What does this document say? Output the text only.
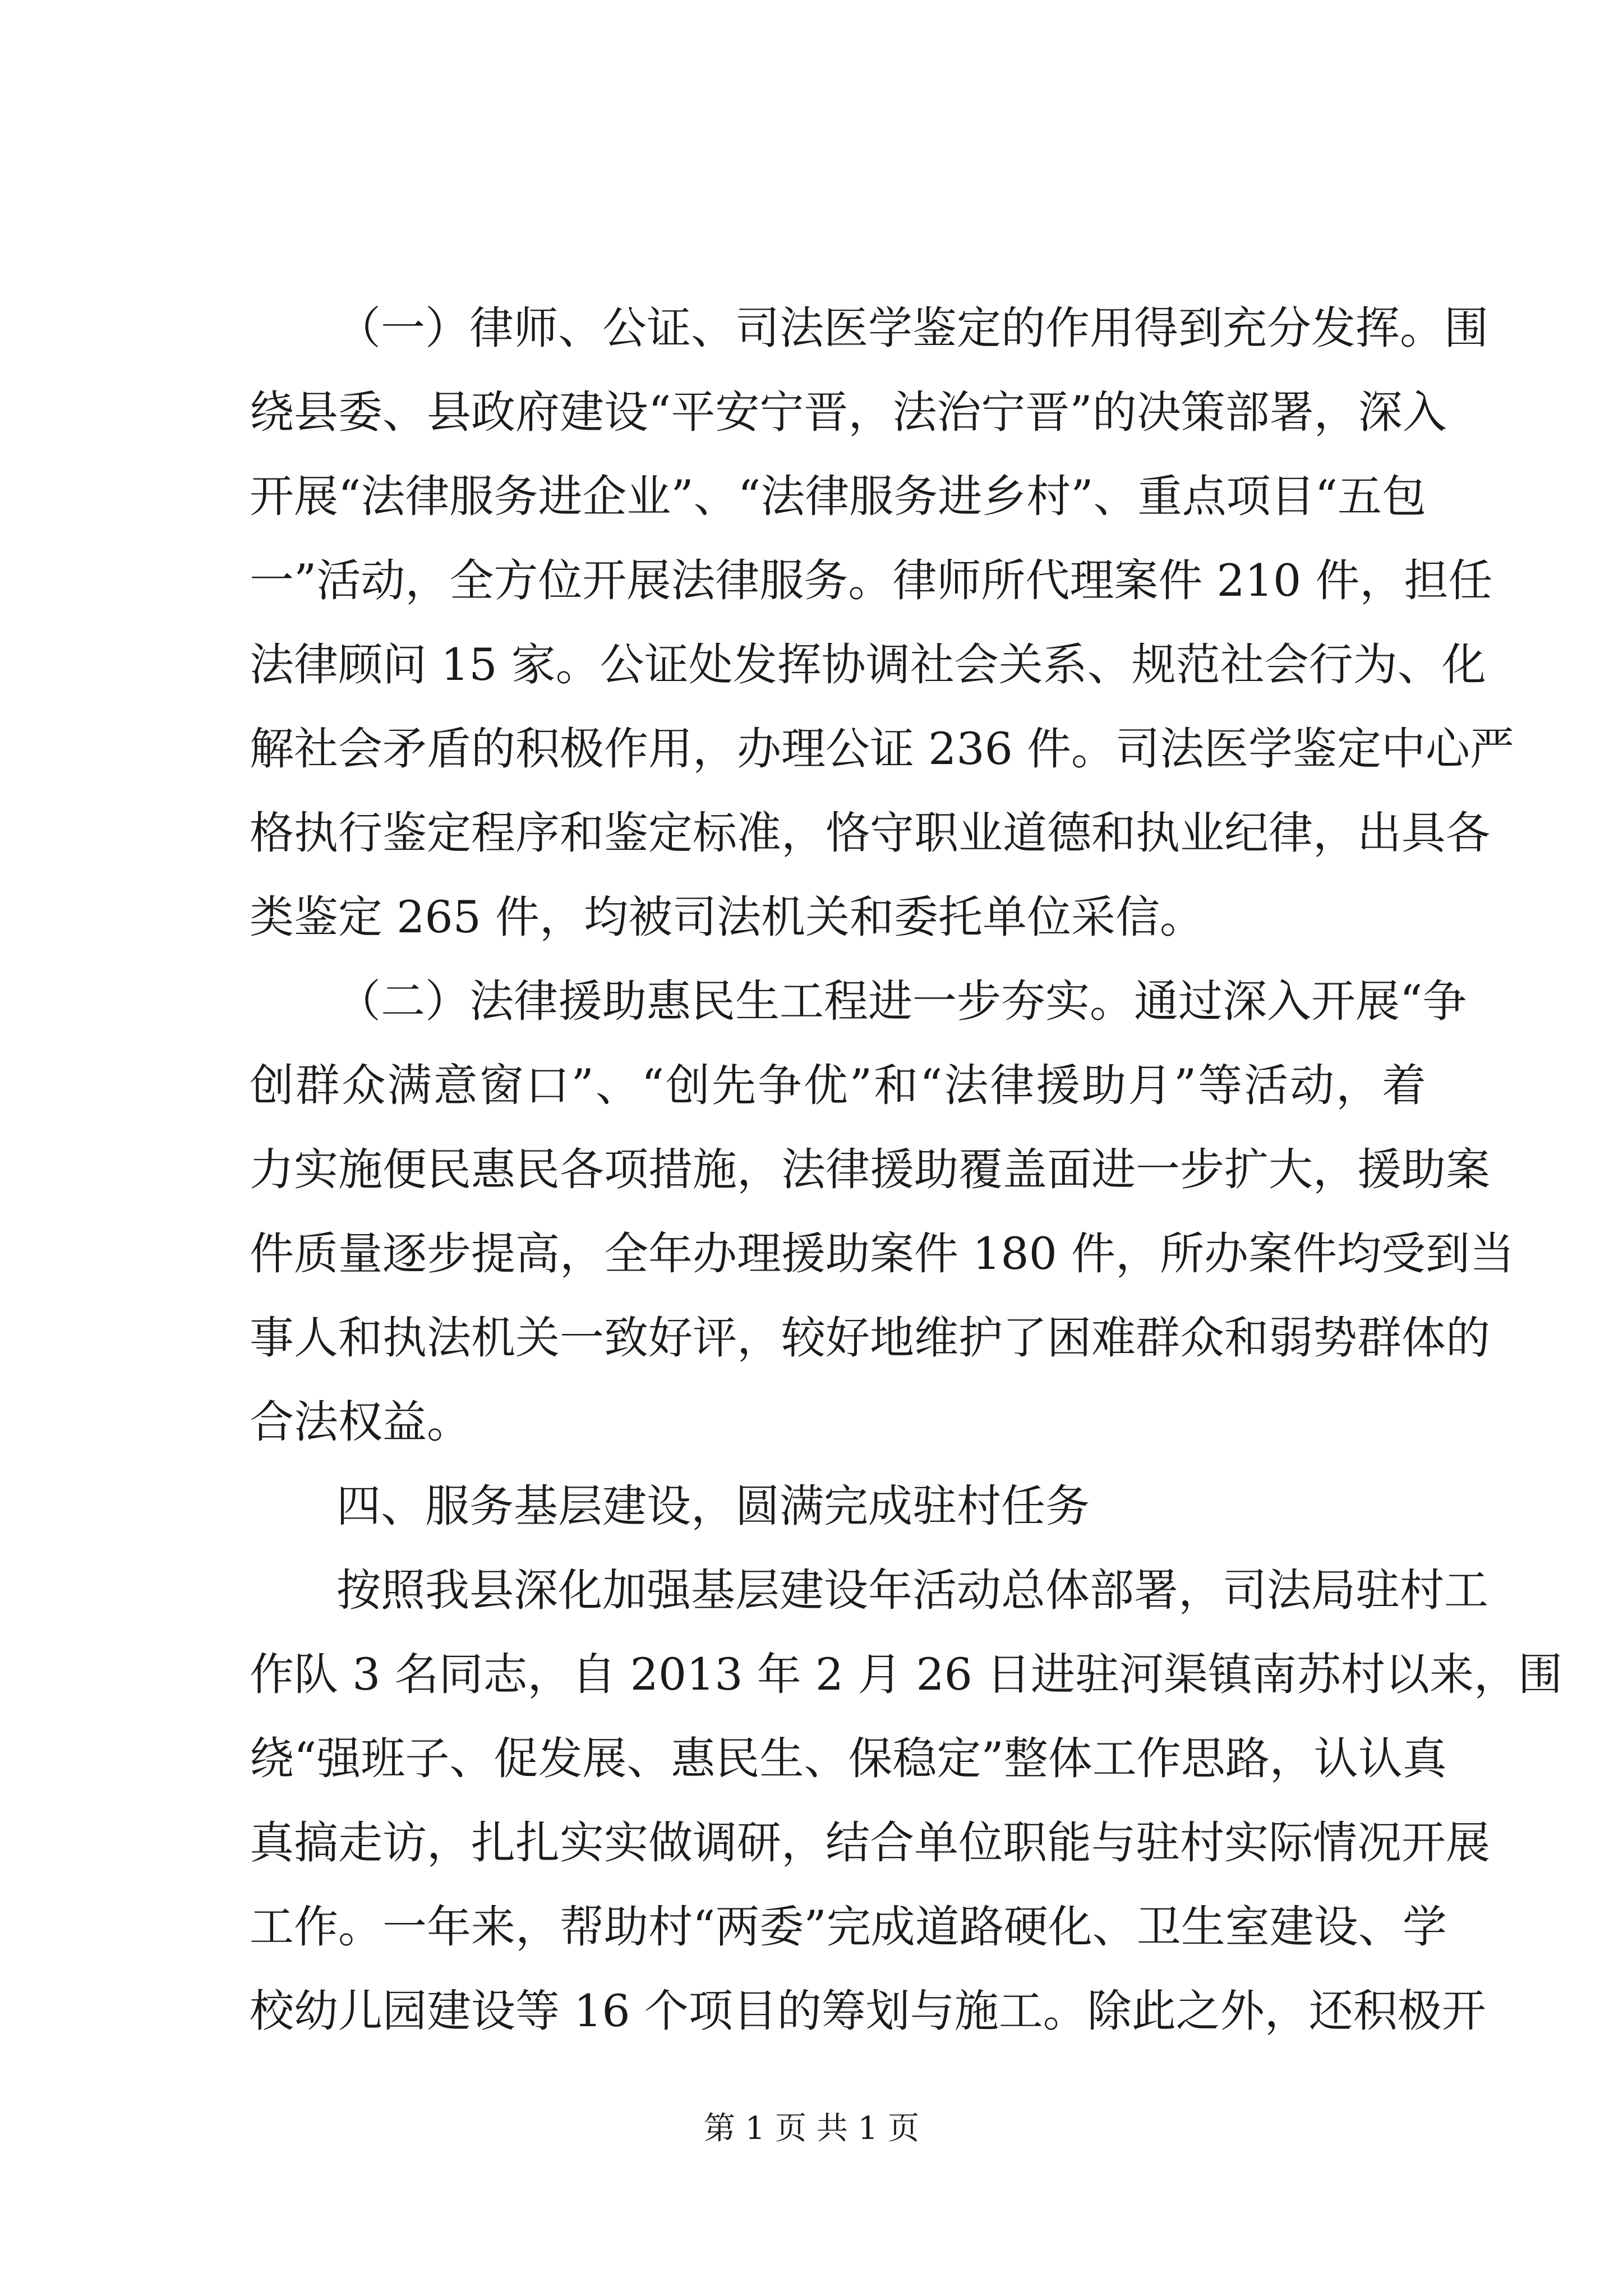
（一）律师、公证、司法医学鉴定的作用得到充分发挥。围
绕县委、县政府建设“平安宁晋，法治宁晋”的决策部署，深入
开展“法律服务进企业”、“法律服务进乡村”、重点项目“五包
一”活动，全方位开展法律服务。律师所代理案件 210 件，担任
法律顾问 15 家。公证处发挥协调社会关系、规范社会行为、化
解社会矛盾的积极作用，办理公证 236 件。司法医学鉴定中心严
格执行鉴定程序和鉴定标准，恪守职业道德和执业纪律，出具各
类鉴定 265 件，均被司法机关和委托单位采信。
（二）法律援助惠民生工程进一步夯实。通过深入开展“争
创群众满意窗口”、“创先争优”和“法律援助月”等活动，着
力实施便民惠民各项措施，法律援助覆盖面进一步扩大，援助案
件质量逐步提高，全年办理援助案件 180 件，所办案件均受到当
事人和执法机关一致好评，较好地维护了困难群众和弱势群体的
合法权益。
四、服务基层建设，圆满完成驻村任务
按照我县深化加强基层建设年活动总体部署，司法局驻村工
作队 3 名同志，自 2013 年 2 月 26 日进驻河渠镇南苏村以来，围
绕“强班子、促发展、惠民生、保稳定”整体工作思路，认认真
真搞走访，扎扎实实做调研，结合单位职能与驻村实际情况开展
工作。一年来，帮助村“两委”完成道路硬化、卫生室建设、学
校幼儿园建设等 16 个项目的筹划与施工。除此之外，还积极开
第 1 页 共 1 页
